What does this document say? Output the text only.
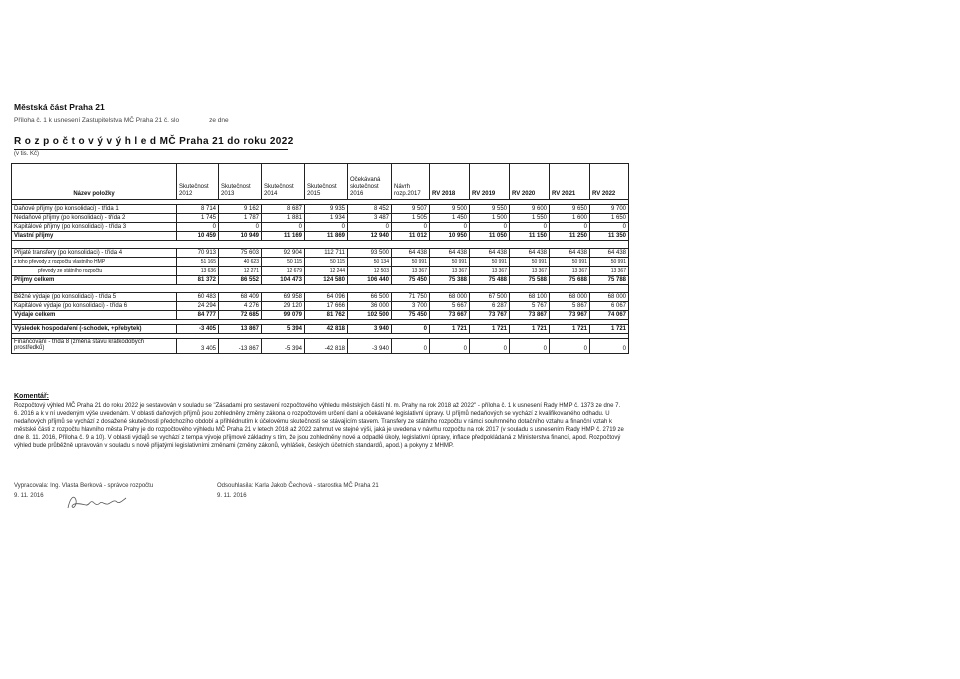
Městská část Praha 21
Příloha č. 1 k usnesení Zastupitelstva MČ Praha 21 č. slo	ze dne
R o z p o č t o v ý v ý h l e d MČ Praha 21 do roku 2022
(v tis. Kč)
Název položky	Skutečnost 2012	Skutečnost 2013	Skutečnost 2014	Skutečnost 2015	Očekávaná skutečnost 2016	Návrh rozp.2017	RV 2018	RV 2019	RV 2020	RV 2021	RV 2022

Daňové příjmy (po konsolidaci) - třída 1	8 714	9 162	8 687	9 935	8 452	9 507	9 500	9 550	9 600	9 650	9 700
Nedaňové příjmy (po konsolidaci) - třída 2	1 745	1 787	1 881	1 934	3 487	1 505	1 450	1 500	1 550	1 600	1 650
Kapitálové příjmy (po konsolidaci) - třída 3	0	0	0	0	0	0	0	0	0	0	0
Vlastní příjmy	10 459	10 949	11 169	11 869	12 940	11 012	10 950	11 050	11 150	11 250	11 350

Přijaté transfery (po konsolidaci) - třída 4	70 913	75 603	92 904	112 711	93 500	64 438	64 438	64 438	64 438	64 438	64 438
z toho převody z rozpočtu vlastního HMP	51 165	40 623	50 115	50 115	50 134	50 991	50 991	50 991	50 991	50 991	50 991
převody ze státního rozpočtu	13 636	12 271	12 679	12 244	12 503	13 367	13 367	13 367	13 367	13 367	13 367
Příjmy celkem	81 372	86 552	104 473	124 580	106 440	75 450	75 388	75 488	75 588	75 688	75 788

Běžné výdaje (po konsolidaci) - třída 5	60 483	68 409	69 958	64 096	66 500	71 750	68 000	67 500	68 100	68 000	68 000
Kapitálové výdaje (po konsolidaci) - třída 6	24 294	4 276	29 120	17 666	36 000	3 700	5 667	6 287	5 767	5 867	6 067
Výdaje celkem	84 777	72 685	99 079	81 762	102 500	75 450	73 667	73 767	73 867	73 967	74 067

Výsledek hospodaření (-schodek, +přebytek)	-3 405	13 867	5 394	42 818	3 940	0	1 721	1 721	1 721	1 721	1 721

Financování - třída 8 (změna stavu krátkodobých prostředků)	3 405	-13 867	-5 394	-42 818	-3 940	0	0	0	0	0	0
Komentář:
Rozpočtový výhled MČ Praha 21 do roku 2022 je sestavován v souladu se "Zásadami pro sestavení rozpočtového výhledu městských částí hl. m. Prahy na rok 2018 až 2022" - příloha č. 1 k usnesení Rady HMP č. 1373 ze dne 7. 6. 2016 a k v ní uvedeným výše uvedenám. V oblasti daňových příjmů jsou zohledněny změny zákona o rozpočtovém určení daní a očekávané legislativní úpravy. U příjmů nedaňových se vychází z kvalifikovaného odhadu. U nedaňových příjmů se vychází z dosažené skutečnosti předchozího období a přihlédnutím k účelovému skutečnosti se stávajícím stavem. Transfery ze státního rozpočtu v rámci souhrnného dotačního vztahu a finanční vztah k městské části z rozpočtu hlavního města Prahy je do rozpočtového výhledu MČ Praha 21 v letech 2018 až 2022 zahrnut ve stejné výši, jaká je uvedena v návrhu rozpočtu na rok 2017 (v souladu s usnesením Rady HMP č. 2719 ze dne 8. 11. 2016, Příloha č. 9 a 10). V oblasti výdajů se vychází z tempa vývoje příjmové základny s tím, že jsou zohledněny nové a odpadlé úkoly, legislativní úpravy, inflace předpokládaná z Ministerstva financí, apod. Rozpočtový výhled bude průběžně upravován v souladu s nově přijatými legislativními změnami (změny zákonů, vyhlášek, českých účetních standardů, apod.) a pokyny z MHMP.
Vypracovala: Ing. Vlasta Berková - správce rozpočtu
9. 11. 2016
Odsouhlasila: Karla Jakob Čechová - starostka MČ Praha 21
9. 11. 2016
